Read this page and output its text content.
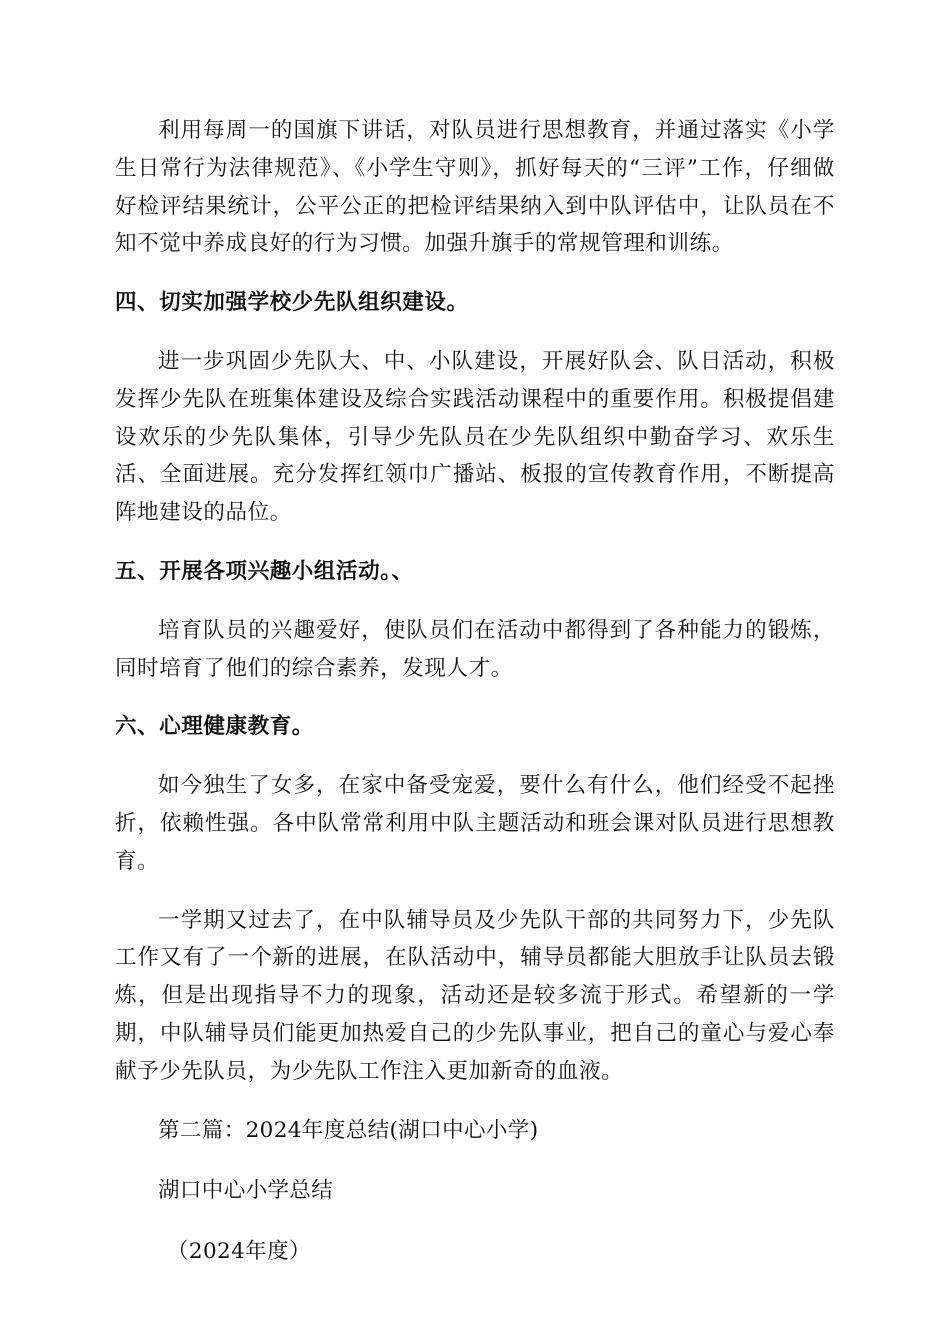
利用每周一的国旗下讲话，对队员进行思想教育，并通过落实《小学生日常行为法律规范》、《小学生守则》，抓好每天的“三评”工作，仔细做好检评结果统计，公平公正的把检评结果纳入到中队评估中，让队员在不知不觉中养成良好的行为习惯。加强升旗手的常规管理和训练。

四、切实加强学校少先队组织建设。

进一步巩固少先队大、中、小队建设，开展好队会、队日活动，积极发挥少先队在班集体建设及综合实践活动课程中的重要作用。积极提倡建设欢乐的少先队集体，引导少先队员在少先队组织中勤奋学习、欢乐生活、全面进展。充分发挥红领巾广播站、板报的宣传教育作用，不断提高阵地建设的品位。

五、开展各项兴趣小组活动。、

培育队员的兴趣爱好，使队员们在活动中都得到了各种能力的锻炼，同时培育了他们的综合素养，发现人才。

六、心理健康教育。

如今独生了女多，在家中备受宠爱，要什么有什么，他们经受不起挫折，依赖性强。各中队常常利用中队主题活动和班会课对队员进行思想教育。

一学期又过去了，在中队辅导员及少先队干部的共同努力下，少先队工作又有了一个新的进展，在队活动中，辅导员都能大胆放手让队员去锻炼，但是出现指导不力的现象，活动还是较多流于形式。希望新的一学期，中队辅导员们能更加热爱自己的少先队事业，把自己的童心与爱心奉献予少先队员，为少先队工作注入更加新奇的血液。

第二篇：2024年度总结(湖口中心小学)

湖口中心小学总结

（2024年度）
